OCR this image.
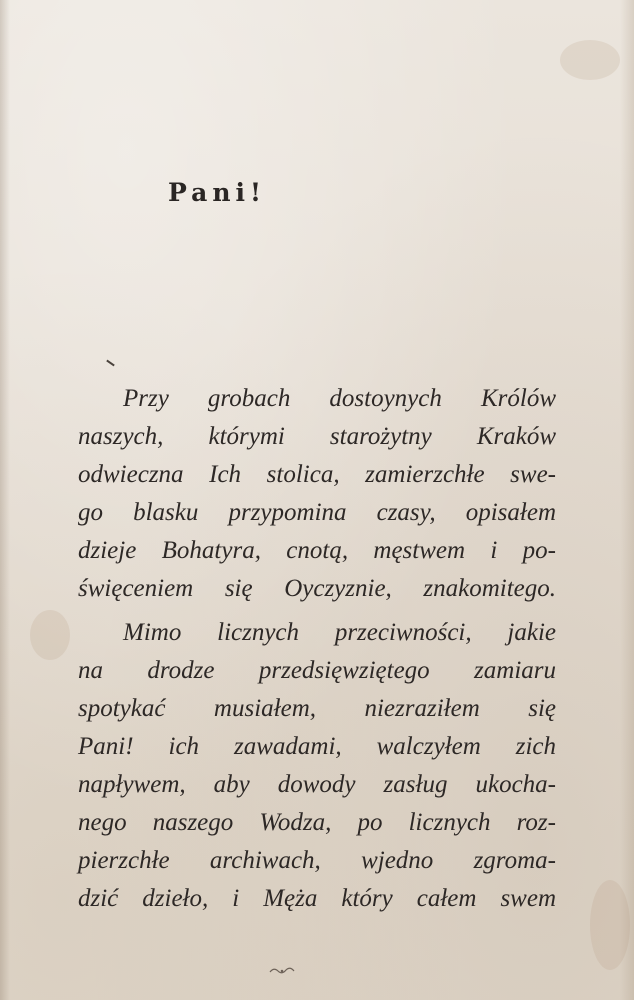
Pani!
Przy grobach dostoynych Królów
naszych, którymi starożytny Kraków
odwieczna Ich stolica, zamierzchłe swe-
go blasku przypomina czasy, opisałem
dzieje Bohatyra, cnotą, męstwem i po-
święceniem się Oyczyznie, znakomitego.
Mimo licznych przeciwności, jakie
na drodze przedsięwziętego zamiaru
spotykać musiałem, niezraziłem się
Pani! ich zawadami, walczyłem zich
napływem, aby dowody zasług ukocha-
nego naszego Wodza, po licznych roz-
pierzchłe archiwach, wjedno zgroma-
dzić dzieło, i Męża który całem swem
